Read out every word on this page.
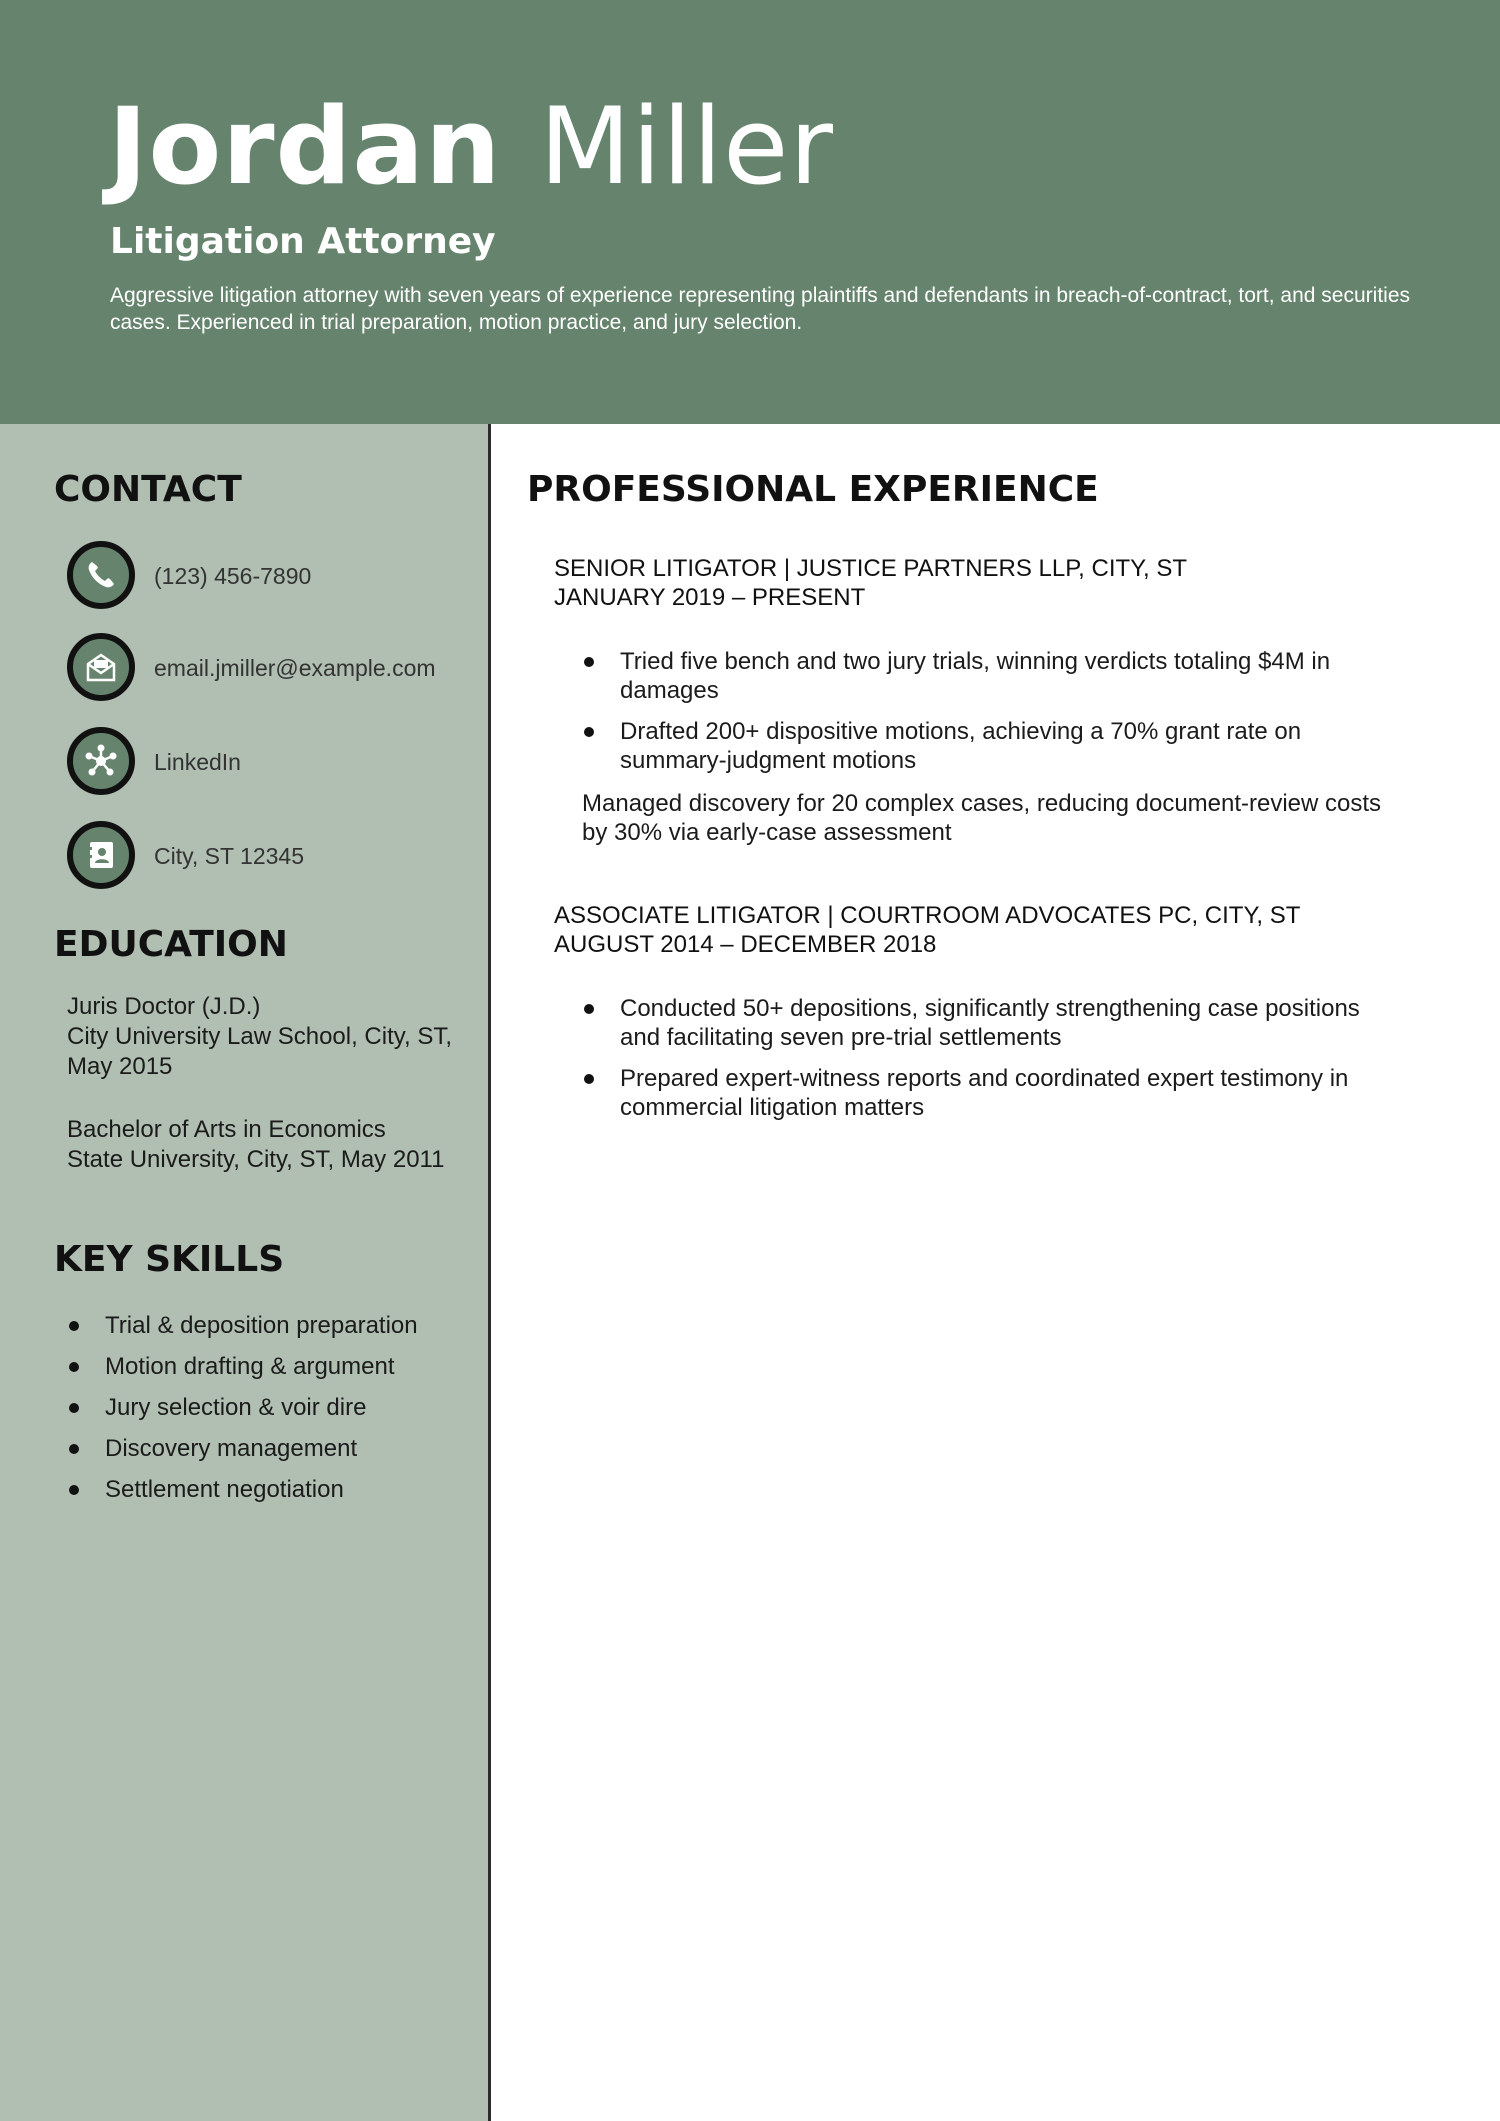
Jordan Miller
Litigation Attorney

Aggressive litigation attorney with seven years of experience representing plaintiffs and defendants in breach-of-contract, tort, and securities cases. Experienced in trial preparation, motion practice, and jury selection.

CONTACT
(123) 456-7890
email.jmiller@example.com
LinkedIn
City, ST 12345
EDUCATION

Juris Doctor (J.D.)
City University Law School, City, ST, May 2015

Bachelor of Arts in Economics
State University, City, ST, May 2011

KEY SKILLS
Trial & deposition preparation
Motion drafting & argument
Jury selection & voir dire
Discovery management
Settlement negotiation
PROFESSIONAL EXPERIENCE

SENIOR LITIGATOR | JUSTICE PARTNERS LLP, CITY, ST
JANUARY 2019 – PRESENT

Tried five bench and two jury trials, winning verdicts totaling $4M in damages
Drafted 200+ dispositive motions, achieving a 70% grant rate on summary-judgment motions

Managed discovery for 20 complex cases, reducing document-review costs by 30% via early-case assessment

ASSOCIATE LITIGATOR | COURTROOM ADVOCATES PC, CITY, ST
AUGUST 2014 – DECEMBER 2018

Conducted 50+ depositions, significantly strengthening case positions and facilitating seven pre-trial settlements
Prepared expert-witness reports and coordinated expert testimony in commercial litigation matters
